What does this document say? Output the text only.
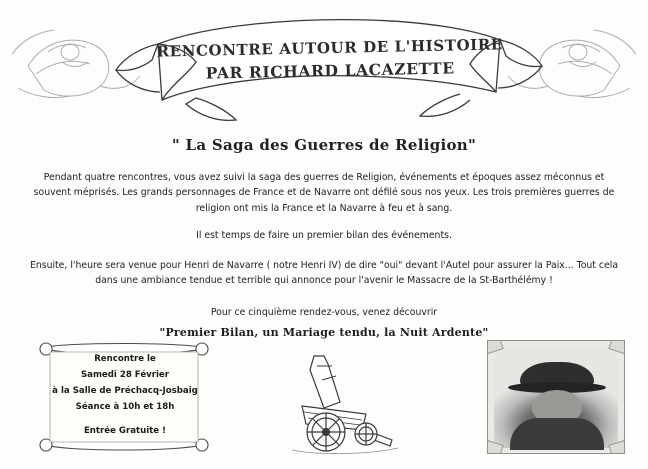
RENCONTRE AUTOUR DE L'HISTOIRE
PAR RICHARD LACAZETTE
" La Saga des Guerres de Religion"
Pendant quatre rencontres, vous avez suivi la saga des guerres de Religion, événements et époques assez méconnus et souvent méprisés. Les grands personnages de France et de Navarre ont défilé sous nos yeux. Les trois premières guerres de religion ont mis la France et la Navarre à feu et à sang.
Il est temps de faire un premier bilan des événements.
Ensuite, l'heure sera venue pour Henri de Navarre ( notre Henri IV) de dire "oui" devant l'Autel pour assurer la Paix... Tout cela dans une ambiance tendue et terrible qui annonce pour l'avenir le Massacre de la St-Barthélémy !
Pour ce cinquième rendez-vous, venez découvrir
"Premier Bilan, un Mariage tendu, la Nuit Ardente"
Rencontre le
Samedi 28 Février
à la Salle de Préchacq-Josbaig
Séance à 10h et 18h
Entrée Gratuite !
